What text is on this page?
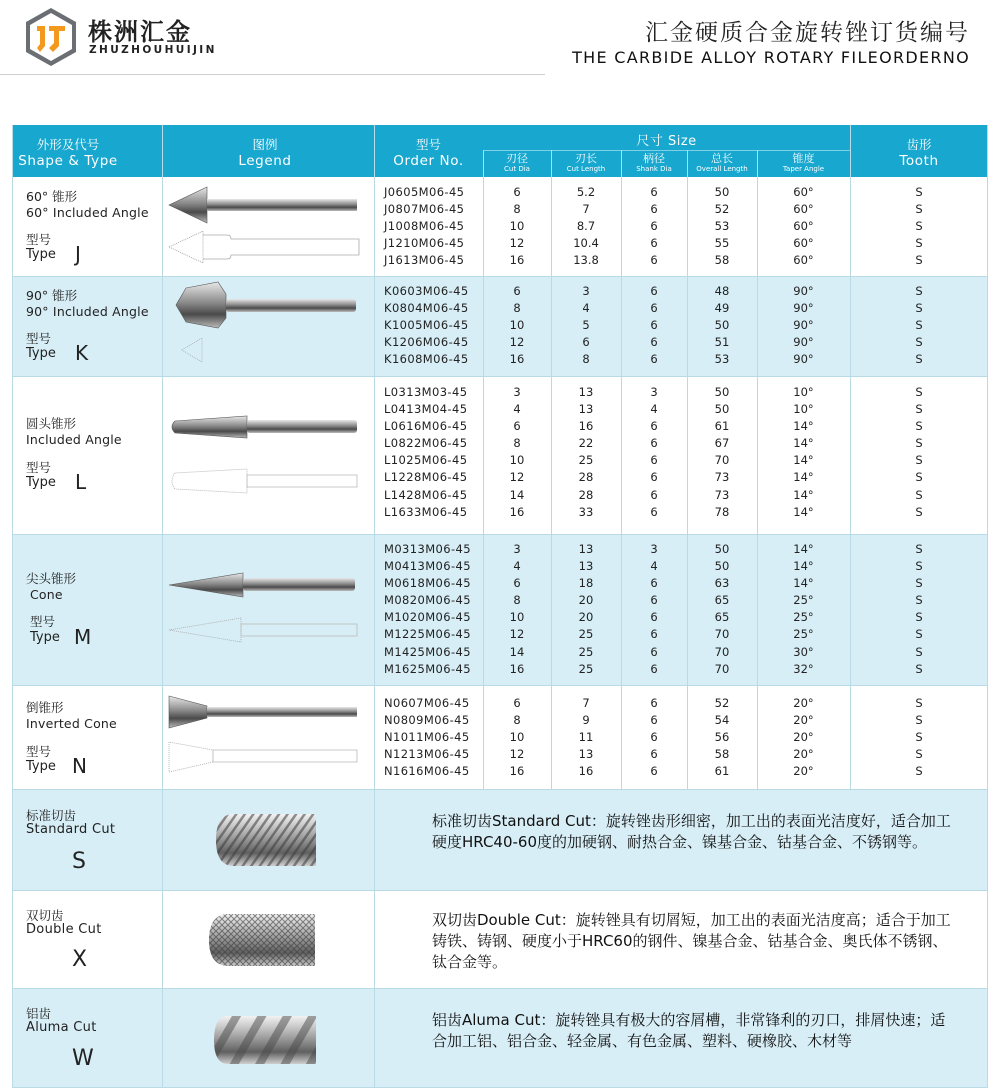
株洲汇金
ZHUZHOUHUIJIN
汇金硬质合金旋转锉订货编号
THE CARBIDE ALLOY ROTARY FILEORDERNO
外形及代号
Shape & Type
图例
Legend
型号
Order No.
尺寸 Size
刃径
Cut Dia
刃长
Cut Length
柄径
Shank Dia
总长
Overall Length
锥度
Taper Angle
齿形
Tooth
60° 锥形
60° Included Angle
型号
Type J
J0605M06-45
J0807M06-45
J1008M06-45
J1210M06-45
J1613M06-45
6
8
10
12
16
5.2
7
8.7
10.4
13.8
6
6
6
6
6
50
52
53
55
58
60°
60°
60°
60°
60°
S
S
S
S
S
90° 锥形
90° Included Angle
型号
Type K
K0603M06-45
K0804M06-45
K1005M06-45
K1206M06-45
K1608M06-45
6
8
10
12
16
3
4
5
6
8
6
6
6
6
6
48
49
50
51
53
90°
90°
90°
90°
90°
S
S
S
S
S
圆头锥形
Included Angle
型号
Type L
L0313M03-45
L0413M04-45
L0616M06-45
L0822M06-45
L1025M06-45
L1228M06-45
L1428M06-45
L1633M06-45
3
4
6
8
10
12
14
16
13
13
16
22
25
28
28
33
3
4
6
6
6
6
6
6
50
50
61
67
70
73
73
78
10°
10°
14°
14°
14°
14°
14°
14°
S
S
S
S
S
S
S
S
尖头锥形
Cone
型号
Type M
M0313M06-45
M0413M06-45
M0618M06-45
M0820M06-45
M1020M06-45
M1225M06-45
M1425M06-45
M1625M06-45
3
4
6
8
10
12
14
16
13
13
18
20
20
25
25
25
3
4
6
6
6
6
6
6
50
50
63
65
65
70
70
70
14°
14°
14°
25°
25°
25°
30°
32°
S
S
S
S
S
S
S
S
倒锥形
Inverted Cone
型号
Type N
N0607M06-45
N0809M06-45
N1011M06-45
N1213M06-45
N1616M06-45
6
8
10
12
16
7
9
11
13
16
6
6
6
6
6
52
54
56
58
61
20°
20°
20°
20°
20°
S
S
S
S
S
标准切齿
Standard Cut
S
标准切齿Standard Cut：旋转锉齿形细密，加工出的表面光洁度好，适合加工硬度HRC40-60度的加硬钢、耐热合金、镍基合金、钴基合金、不锈钢等。
双切齿
Double Cut
X
双切齿Double Cut：旋转锉具有切屑短，加工出的表面光洁度高；适合于加工铸铁、铸钢、硬度小于HRC60的钢件、镍基合金、钴基合金、奥氏体不锈钢、钛合金等。
铝齿
Aluma Cut
W
铝齿Aluma Cut：旋转锉具有极大的容屑槽，非常锋利的刃口，排屑快速；适合加工铝、铝合金、轻金属、有色金属、塑料、硬橡胶、木材等
